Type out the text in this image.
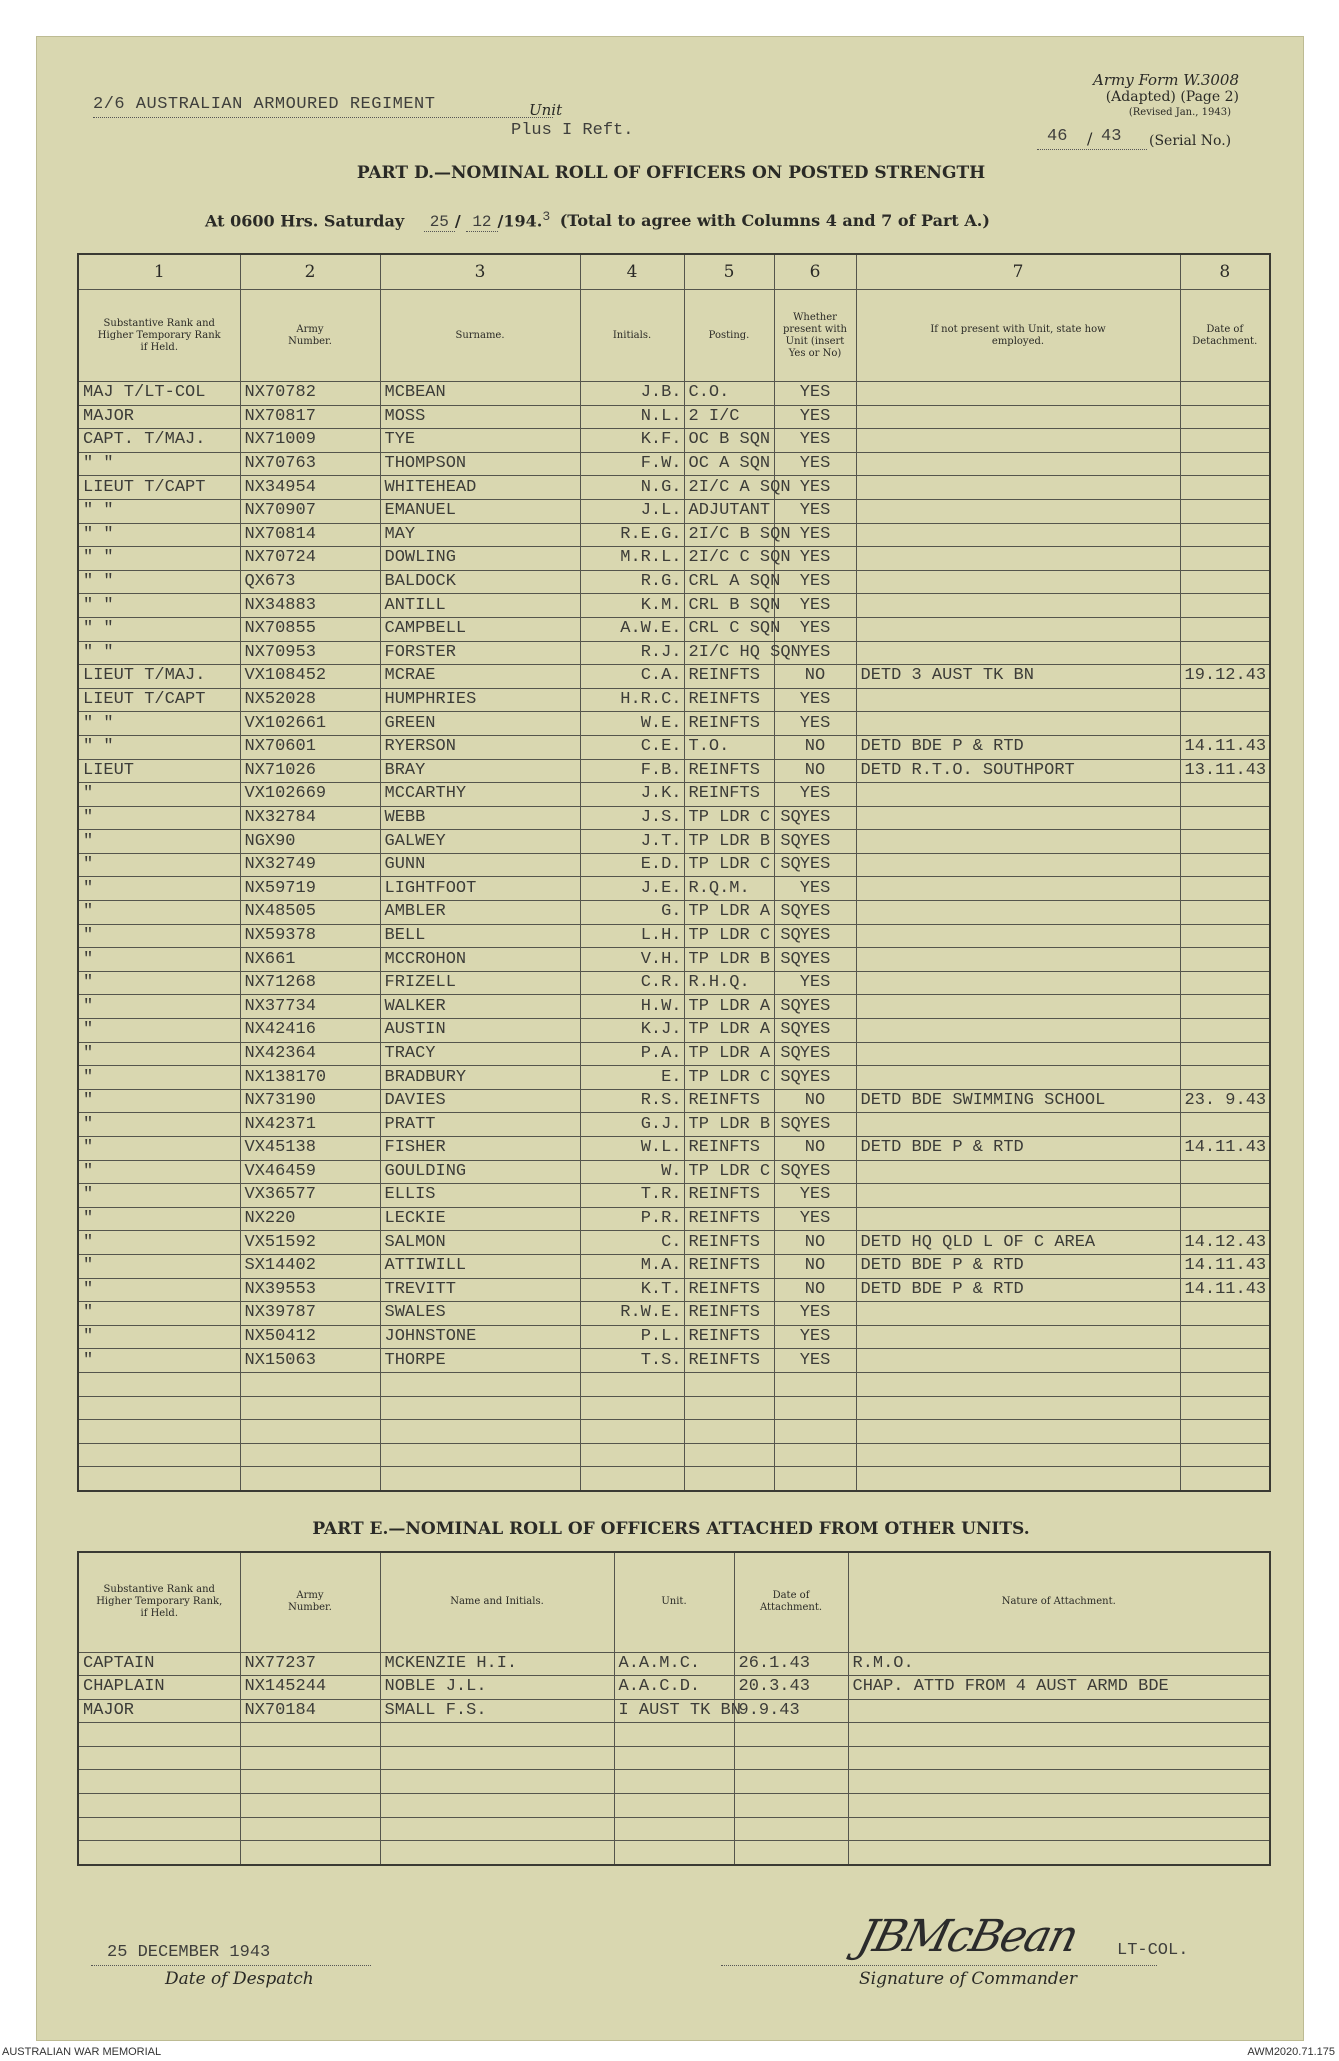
2/6 AUSTRALIAN ARMOURED REGIMENT	Unit
Plus I Reft.
Army Form W.3008
(Adapted) (Page 2)
(Revised Jan., 1943)
46 / 43 (Serial No.)
PART D.—NOMINAL ROLL OF OFFICERS ON POSTED STRENGTH
At 0600 Hrs. Saturday 25 / 12 /194.$^3$ (Total to agree with Columns 4 and 7 of Part A.)
1	2	3	4	5	6	7	8
Substantive Rank and Higher Temporary Rank if Held.	Army Number.	Surname.	Initials.	Posting.	Whether present with Unit (insert Yes or No)	If not present with Unit, state how employed.	Date of Detachment.
MAJ T/LT-COL	NX70782	MCBEAN	J.B.	C.O.	YES		
MAJOR	NX70817	MOSS	N.L.	2 I/C	YES		
CAPT. T/MAJ.	NX71009	TYE	K.F.	OC B SQN	YES		
" "	NX70763	THOMPSON	F.W.	OC A SQN	YES		
LIEUT T/CAPT	NX34954	WHITEHEAD	N.G.	2I/C A SQN	YES		
" "	NX70907	EMANUEL	J.L.	ADJUTANT	YES		
" "	NX70814	MAY	R.E.G.	2I/C B SQN	YES		
" "	NX70724	DOWLING	M.R.L.	2I/C C SQN	YES		
" "	QX673	BALDOCK	R.G.	CRL A SQN	YES		
" "	NX34883	ANTILL	K.M.	CRL B SQN	YES		
" "	NX70855	CAMPBELL	A.W.E.	CRL C SQN	YES		
" "	NX70953	FORSTER	R.J.	2I/C HQ SQN	YES		
LIEUT T/MAJ.	VX108452	MCRAE	C.A.	REINFTS	NO	DETD 3 AUST TK BN	19.12.43
LIEUT T/CAPT	NX52028	HUMPHRIES	H.R.C.	REINFTS	YES		
" "	VX102661	GREEN	W.E.	REINFTS	YES		
" "	NX70601	RYERSON	C.E.	T.O.	NO	DETD BDE P & RTD	14.11.43
LIEUT	NX71026	BRAY	F.B.	REINFTS	NO	DETD R.T.O. SOUTHPORT	13.11.43
"	VX102669	MCCARTHY	J.K.	REINFTS	YES		
"	NX32784	WEBB	J.S.	TP LDR C SQ	YES		
"	NGX90	GALWEY	J.T.	TP LDR B SQ	YES		
"	NX32749	GUNN	E.D.	TP LDR C SQ	YES		
"	NX59719	LIGHTFOOT	J.E.	R.Q.M.	YES		
"	NX48505	AMBLER	G.	TP LDR A SQ	YES		
"	NX59378	BELL	L.H.	TP LDR C SQ	YES		
"	NX661	MCCROHON	V.H.	TP LDR B SQ	YES		
"	NX71268	FRIZELL	C.R.	R.H.Q.	YES		
"	NX37734	WALKER	H.W.	TP LDR A SQ	YES		
"	NX42416	AUSTIN	K.J.	TP LDR A SQ	YES		
"	NX42364	TRACY	P.A.	TP LDR A SQ	YES		
"	NX138170	BRADBURY	E.	TP LDR C SQ	YES		
"	NX73190	DAVIES	R.S.	REINFTS	NO	DETD BDE SWIMMING SCHOOL	23. 9.43
"	NX42371	PRATT	G.J.	TP LDR B SQ	YES		
"	VX45138	FISHER	W.L.	REINFTS	NO	DETD BDE P & RTD	14.11.43
"	VX46459	GOULDING	W.	TP LDR C SQ	YES		
"	VX36577	ELLIS	T.R.	REINFTS	YES		
"	NX220	LECKIE	P.R.	REINFTS	YES		
"	VX51592	SALMON	C.	REINFTS	NO	DETD HQ QLD L OF C AREA	14.12.43
"	SX14402	ATTIWILL	M.A.	REINFTS	NO	DETD BDE P & RTD	14.11.43
"	NX39553	TREVITT	K.T.	REINFTS	NO	DETD BDE P & RTD	14.11.43
"	NX39787	SWALES	R.W.E.	REINFTS	YES		
"	NX50412	JOHNSTONE	P.L.	REINFTS	YES		
"	NX15063	THORPE	T.S.	REINFTS	YES		

PART E.—NOMINAL ROLL OF OFFICERS ATTACHED FROM OTHER UNITS.
Substantive Rank and Higher Temporary Rank, if Held.	Army Number.	Name and Initials.	Unit.	Date of Attachment.	Nature of Attachment.
CAPTAIN	NX77237	MCKENZIE H.I.	A.A.M.C.	26.1.43	R.M.O.
CHAPLAIN	NX145244	NOBLE J.L.	A.A.C.D.	20.3.43	CHAP. ATTD FROM 4 AUST ARMD BDE
MAJOR	NX70184	SMALL F.S.	I AUST TK BN	9.9.43	

25 DECEMBER 1943
Date of Despatch
JBMcBean LT-COL.
Signature of Commander
AUSTRALIAN WAR MEMORIAL	AWM2020.71.175
